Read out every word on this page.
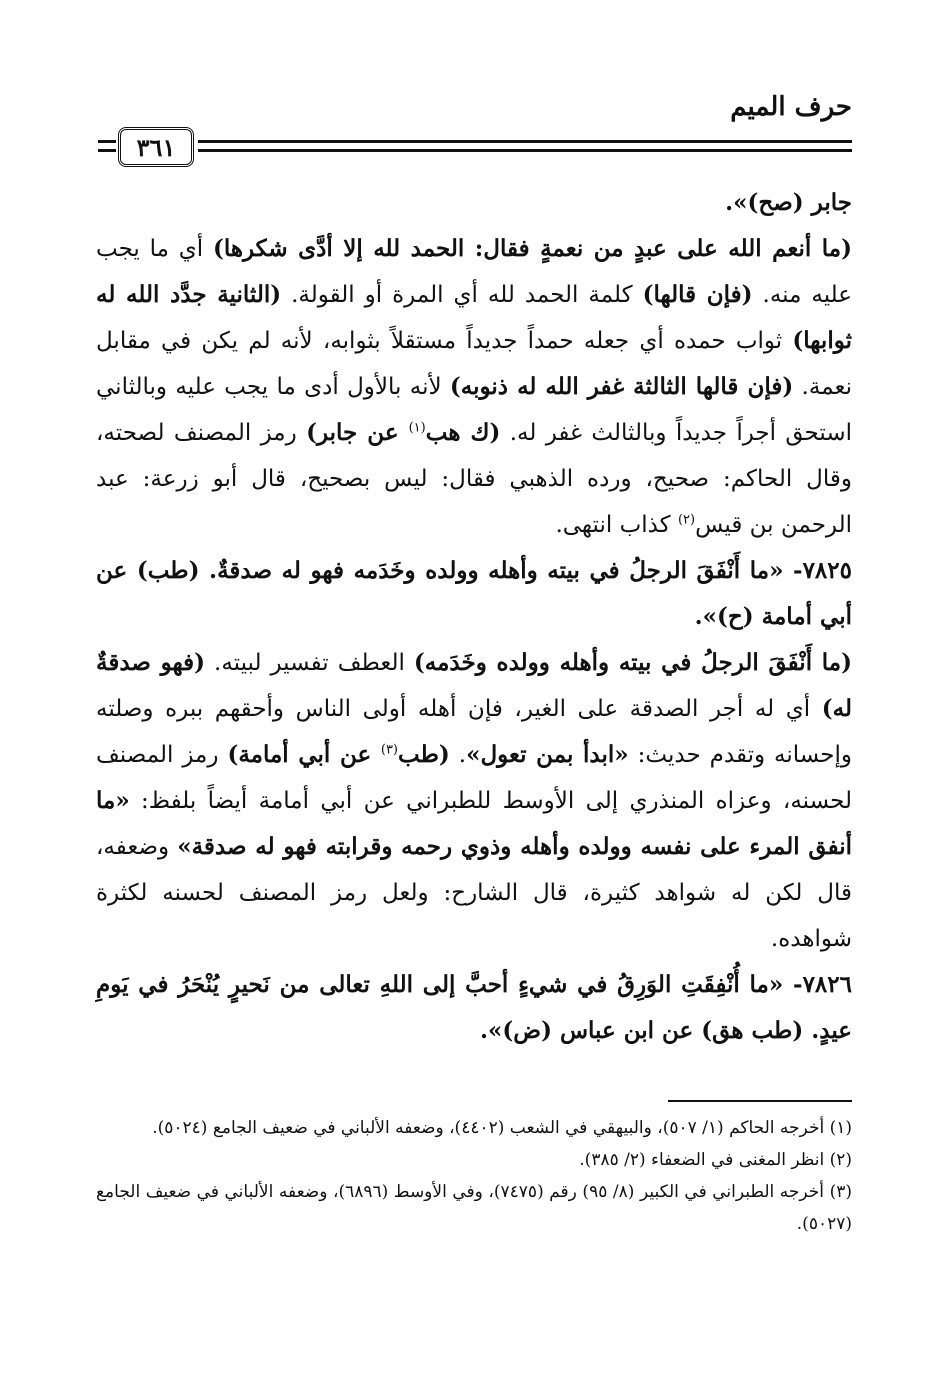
حرف الميم
٣٦١

جابر (صح)».

(ما أنعم الله على عبدٍ من نعمةٍ فقال: الحمد لله إلا أدَّى شكرها) أي ما يجب عليه منه. (فإن قالها) كلمة الحمد لله أي المرة أو القولة. (الثانية جدَّد الله له ثوابها) ثواب حمده أي جعله حمداً جديداً مستقلاً بثوابه، لأنه لم يكن في مقابل نعمة. (فإن قالها الثالثة غفر الله له ذنوبه) لأنه بالأول أدى ما يجب عليه وبالثاني استحق أجراً جديداً وبالثالث غفر له. (ك هب$^{(١)}$ عن جابر) رمز المصنف لصحته، وقال الحاكم: صحيح، ورده الذهبي فقال: ليس بصحيح، قال أبو زرعة: عبد الرحمن بن قيس$^{(٢)}$ كذاب انتهى.

٧٨٢٥- «ما أَنْفَقَ الرجلُ في بيته وأهله وولده وخَدَمه فهو له صدقةٌ. (طب) عن أبي أمامة (ح)».

(ما أَنْفَقَ الرجلُ في بيته وأهله وولده وخَدَمه) العطف تفسير لبيته. (فهو صدقةٌ له) أي له أجر الصدقة على الغير، فإن أهله أولى الناس وأحقهم ببره وصلته وإحسانه وتقدم حديث: «ابدأ بمن تعول». (طب$^{(٣)}$ عن أبي أمامة) رمز المصنف لحسنه، وعزاه المنذري إلى الأوسط للطبراني عن أبي أمامة أيضاً بلفظ: «ما أنفق المرء على نفسه وولده وأهله وذوي رحمه وقرابته فهو له صدقة» وضعفه، قال لكن له شواهد كثيرة، قال الشارح: ولعل رمز المصنف لحسنه لكثرة شواهده.

٧٨٢٦- «ما أُنْفِقَتِ الوَرِقُ في شيءٍ أحبَّ إلى اللهِ تعالى من نَحيرٍ يُنْحَرُ في يَومِ عيدٍ. (طب هق) عن ابن عباس (ض)».

(١) أخرجه الحاكم (١/ ٥٠٧)، والبيهقي في الشعب (٤٤٠٢)، وضعفه الألباني في ضعيف الجامع (٥٠٢٤).

(٢) انظر المغنى في الضعفاء (٢/ ٣٨٥).

(٣) أخرجه الطبراني في الكبير (٨/ ٩٥) رقم (٧٤٧٥)، وفي الأوسط (٦٨٩٦)، وضعفه الألباني في ضعيف الجامع (٥٠٢٧).
